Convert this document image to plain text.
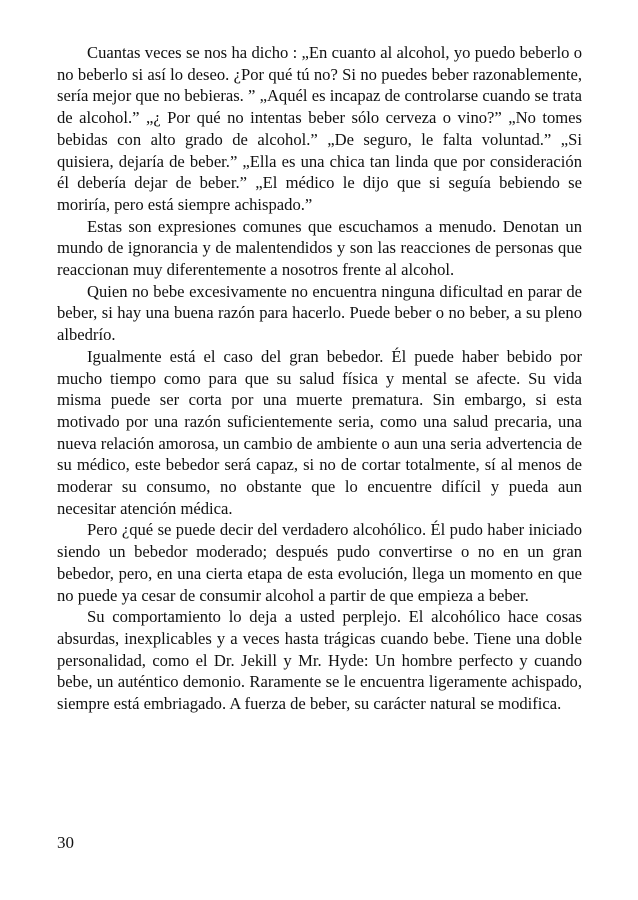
Cuantas veces se nos ha dicho : „En cuanto al alcohol, yo puedo beberlo o no beberlo si así lo deseo. ¿Por qué tú no? Si no puedes beber razonablemente, sería mejor que no bebieras. ” „Aquél es incapaz de controlarse cuando se trata de alcohol.” „¿ Por qué no intentas beber sólo cerveza o vino?” „No tomes bebidas con alto grado de alcohol.” „De seguro, le falta voluntad.” „Si quisiera, dejaría de beber.” „Ella es una chica tan linda que por consideración él debería dejar de beber.” „El médico le dijo que si seguía bebiendo se moriría, pero está siempre achispado.”

Estas son expresiones comunes que escuchamos a menudo. Denotan un mundo de ignorancia y de malentendidos y son las reacciones de personas que reaccionan muy diferentemente a nosotros frente al alcohol.

Quien no bebe excesivamente no encuentra ninguna dificultad en parar de beber, si hay una buena razón para hacerlo. Puede beber o no beber, a su pleno albedrío.

Igualmente está el caso del gran bebedor. Él puede haber bebido por mucho tiempo como para que su salud física y mental se afecte. Su vida misma puede ser corta por una muerte prematura. Sin embargo, si esta motivado por una razón suficientemente seria, como una salud precaria, una nueva relación amorosa, un cambio de ambiente o aun una seria advertencia de su médico, este bebedor será capaz, si no de cortar totalmente, sí al menos de moderar su consumo, no obstante que lo encuentre difícil y pueda aun necesitar atención médica.

Pero ¿qué se puede decir del verdadero alcohólico. Él pudo haber iniciado siendo un bebedor moderado; después pudo convertirse o no en un gran bebedor, pero, en una cierta etapa de esta evolución, llega un momento en que no puede ya cesar de consumir alcohol a partir de que empieza a beber.

Su comportamiento lo deja a usted perplejo. El alcohólico hace cosas absurdas, inexplicables y a veces hasta trágicas cuando bebe. Tiene una doble personalidad, como el Dr. Jekill y Mr. Hyde: Un hombre perfecto y cuando bebe, un auténtico demonio. Raramente se le encuentra ligeramente achispado, siempre está embriagado. A fuerza de beber, su carácter natural se modifica.

30
